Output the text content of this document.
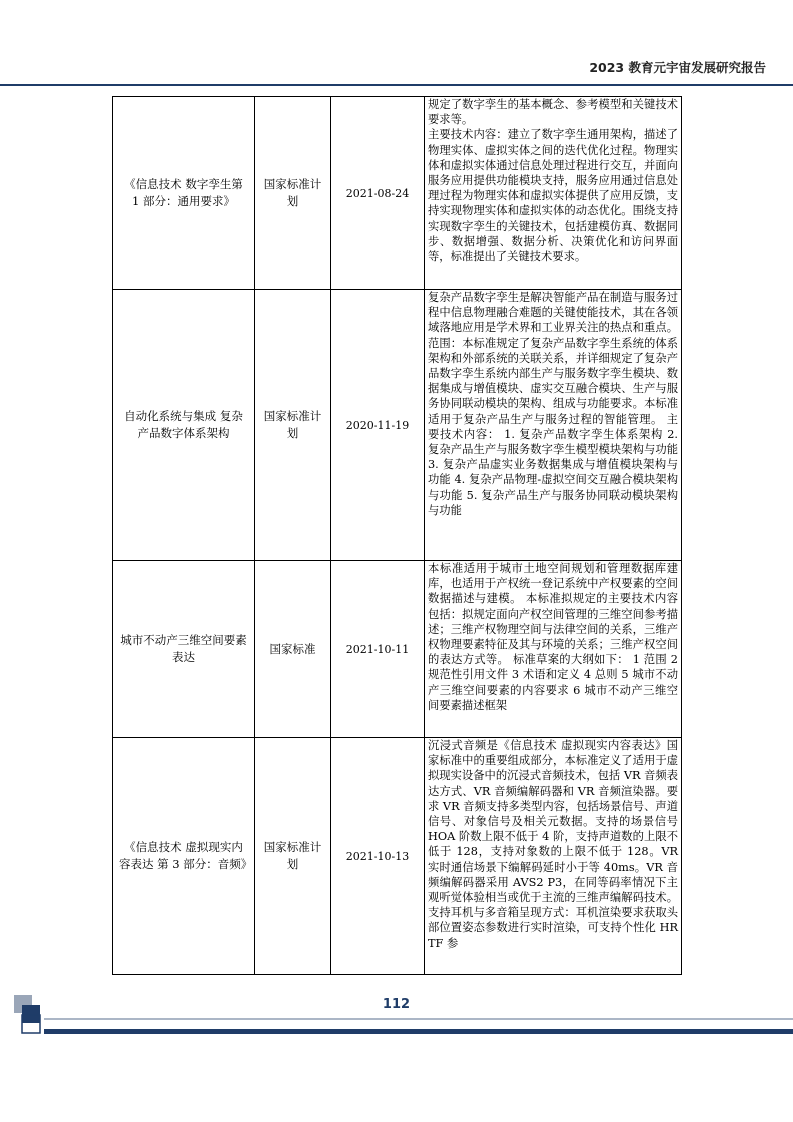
2023 教育元宇宙发展研究报告
《信息技术 数字孪生第 1 部分：通用要求》	国家标准计划	2021-08-24	规定了数字孪生的基本概念、参考模型和关键技术要求等。

主要技术内容：建立了数字孪生通用架构，描述了物理实体、虚拟实体之间的迭代优化过程。物理实体和虚拟实体通过信息处理过程进行交互，并面向服务应用提供功能模块支持，服务应用通过信息处理过程为物理实体和虚拟实体提供了应用反馈，支持实现物理实体和虚拟实体的动态优化。围绕支持实现数字孪生的关键技术，包括建模仿真、数据同步、数据增强、数据分析、决策优化和访问界面等，标准提出了关键技术要求。

自动化系统与集成 复杂产品数字体系架构	国家标准计划	2020-11-19	复杂产品数字孪生是解决智能产品在制造与服务过程中信息物理融合难题的关键使能技术，其在各领域落地应用是学术界和工业界关注的热点和重点。范围：本标准规定了复杂产品数字孪生系统的体系架构和外部系统的关联关系，并详细规定了复杂产品数字孪生系统内部生产与服务数字孪生模块、数据集成与增值模块、虚实交互融合模块、生产与服务协同联动模块的架构、组成与功能要求。本标准适用于复杂产品生产与服务过程的智能管理。 主要技术内容： 1. 复杂产品数字孪生体系架构 2. 复杂产品生产与服务数字孪生模型模块架构与功能 3. 复杂产品虚实业务数据集成与增值模块架构与功能 4. 复杂产品物理-虚拟空间交互融合模块架构与功能 5. 复杂产品生产与服务协同联动模块架构与功能

城市不动产三维空间要素表达	国家标准	2021-10-11	本标准适用于城市土地空间规划和管理数据库建库，也适用于产权统一登记系统中产权要素的空间数据描述与建模。 本标准拟规定的主要技术内容包括：拟规定面向产权空间管理的三维空间参考描述；三维产权物理空间与法律空间的关系，三维产权物理要素特征及其与环境的关系；三维产权空间的表达方式等。 标准草案的大纲如下： 1 范围 2 规范性引用文件 3 术语和定义 4 总则 5 城市不动产三维空间要素的内容要求 6 城市不动产三维空间要素描述框架

《信息技术 虚拟现实内容表达 第 3 部分：音频》	国家标准计划	2021-10-13	沉浸式音频是《信息技术 虚拟现实内容表达》国家标准中的重要组成部分，本标准定义了适用于虚拟现实设备中的沉浸式音频技术，包括 VR 音频表达方式、VR 音频编解码器和 VR 音频渲染器。要求 VR 音频支持多类型内容，包括场景信号、声道信号、对象信号及相关元数据。支持的场景信号 HOA 阶数上限不低于 4 阶，支持声道数的上限不低于 128，支持对象数的上限不低于 128。VR 实时通信场景下编解码延时小于等 40ms。VR 音频编解码器采用 AVS2 P3，在同等码率情况下主观听觉体验相当或优于主流的三维声编解码技术。支持耳机与多音箱呈现方式：耳机渲染要求获取头部位置姿态参数进行实时渲染，可支持个性化 HRTF 参

112
